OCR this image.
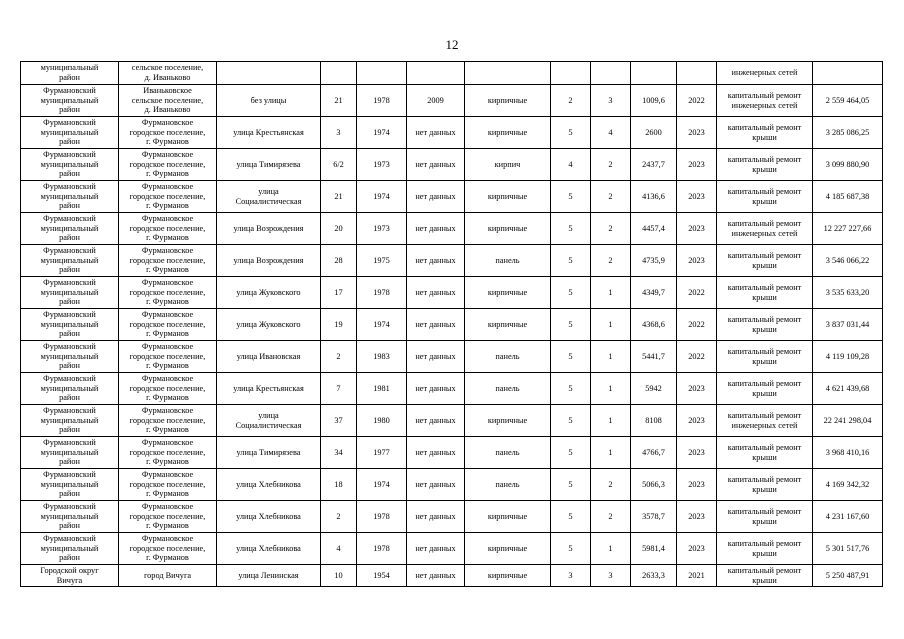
12
муниципальный
район	сельское поселение,
д. Иваньково										инженерных сетей	

Фурмановский
муниципальный
район	Иваньковское
сельское поселение,
д. Иваньково	без улицы	21	1978	2009	кирпичные	2	3	1009,6	2022	капитальный ремонт
инженерных сетей	2 559 464,05

Фурмановский
муниципальный
район	Фурмановское
городское поселение,
г. Фурманов	улица Крестьянская	3	1974	нет данных	кирпичные	5	4	2600	2023	капитальный ремонт
крыши	3 285 086,25

Фурмановский
муниципальный
район	Фурмановское
городское поселение,
г. Фурманов	улица Тимирязева	6/2	1973	нет данных	кирпич	4	2	2437,7	2023	капитальный ремонт
крыши	3 099 880,90

Фурмановский
муниципальный
район	Фурмановское
городское поселение,
г. Фурманов	улица
Социалистическая	21	1974	нет данных	кирпичные	5	2	4136,6	2023	капитальный ремонт
крыши	4 185 687,38

Фурмановский
муниципальный
район	Фурмановское
городское поселение,
г. Фурманов	улица Возрождения	20	1973	нет данных	кирпичные	5	2	4457,4	2023	капитальный ремонт
инженерных сетей	12 227 227,66

Фурмановский
муниципальный
район	Фурмановское
городское поселение,
г. Фурманов	улица Возрождения	28	1975	нет данных	панель	5	2	4735,9	2023	капитальный ремонт
крыши	3 546 066,22

Фурмановский
муниципальный
район	Фурмановское
городское поселение,
г. Фурманов	улица Жуковского	17	1978	нет данных	кирпичные	5	1	4349,7	2022	капитальный ремонт
крыши	3 535 633,20

Фурмановский
муниципальный
район	Фурмановское
городское поселение,
г. Фурманов	улица Жуковского	19	1974	нет данных	кирпичные	5	1	4368,6	2022	капитальный ремонт
крыши	3 837 031,44

Фурмановский
муниципальный
район	Фурмановское
городское поселение,
г. Фурманов	улица Ивановская	2	1983	нет данных	панель	5	1	5441,7	2022	капитальный ремонт
крыши	4 119 109,28

Фурмановский
муниципальный
район	Фурмановское
городское поселение,
г. Фурманов	улица Крестьянская	7	1981	нет данных	панель	5	1	5942	2023	капитальный ремонт
крыши	4 621 439,68

Фурмановский
муниципальный
район	Фурмановское
городское поселение,
г. Фурманов	улица
Социалистическая	37	1980	нет данных	кирпичные	5	1	8108	2023	капитальный ремонт
инженерных сетей	22 241 298,04

Фурмановский
муниципальный
район	Фурмановское
городское поселение,
г. Фурманов	улица Тимирязева	34	1977	нет данных	панель	5	1	4766,7	2023	капитальный ремонт
крыши	3 968 410,16

Фурмановский
муниципальный
район	Фурмановское
городское поселение,
г. Фурманов	улица Хлебникова	18	1974	нет данных	панель	5	2	5066,3	2023	капитальный ремонт
крыши	4 169 342,32

Фурмановский
муниципальный
район	Фурмановское
городское поселение,
г. Фурманов	улица Хлебникова	2	1978	нет данных	кирпичные	5	2	3578,7	2023	капитальный ремонт
крыши	4 231 167,60

Фурмановский
муниципальный
район	Фурмановское
городское поселение,
г. Фурманов	улица Хлебникова	4	1978	нет данных	кирпичные	5	1	5981,4	2023	капитальный ремонт
крыши	5 301 517,76

Городской округ
Вичуга	город Вичуга	улица Ленинская	10	1954	нет данных	кирпичные	3	3	2633,3	2021	капитальный ремонт
крыши	5 250 487,91
